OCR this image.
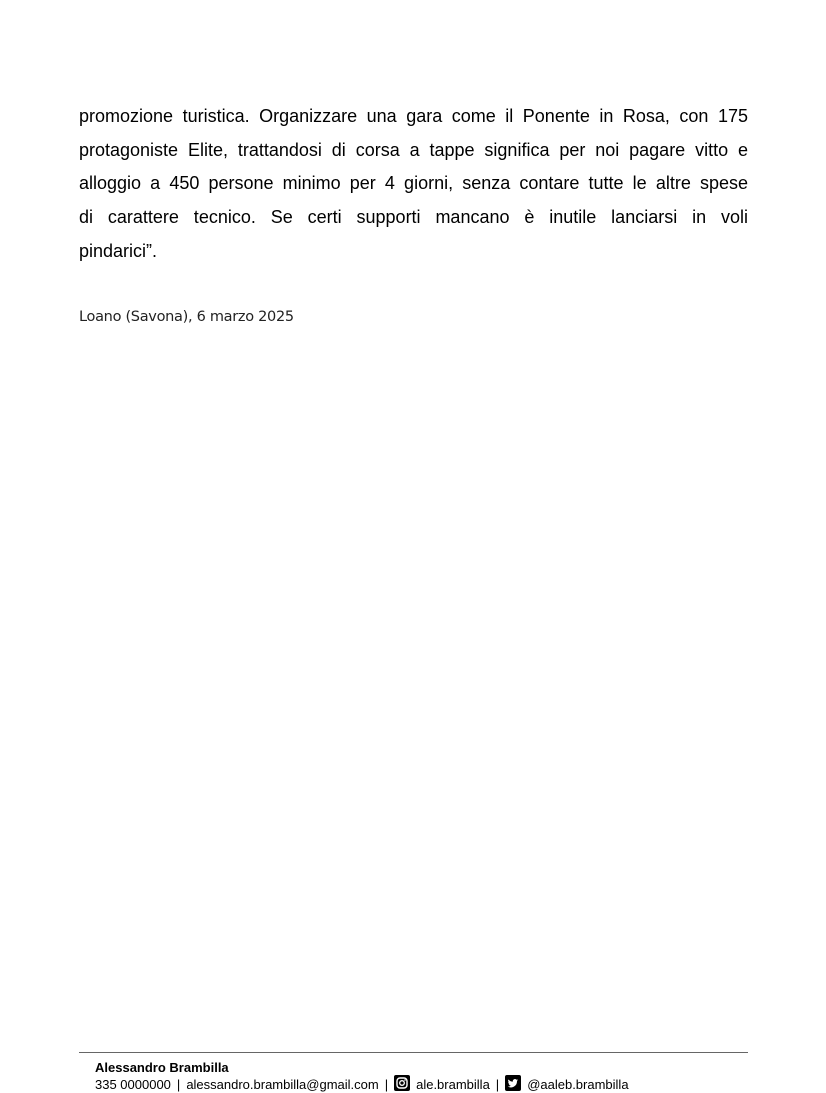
promozione turistica. Organizzare una gara come il Ponente in Rosa, con 175
protagoniste Elite, trattandosi di corsa a tappe significa per noi pagare vitto e
alloggio a 450 persone minimo per 4 giorni, senza contare tutte le altre spese
di carattere tecnico. Se certi supporti mancano è inutile lanciarsi in voli
pindarici”.

Loano (Savona), 6 marzo 2025
Alessandro Brambilla
335 0000000 | alessandro.brambilla@gmail.com | ale.brambilla | @aaleb.brambilla
